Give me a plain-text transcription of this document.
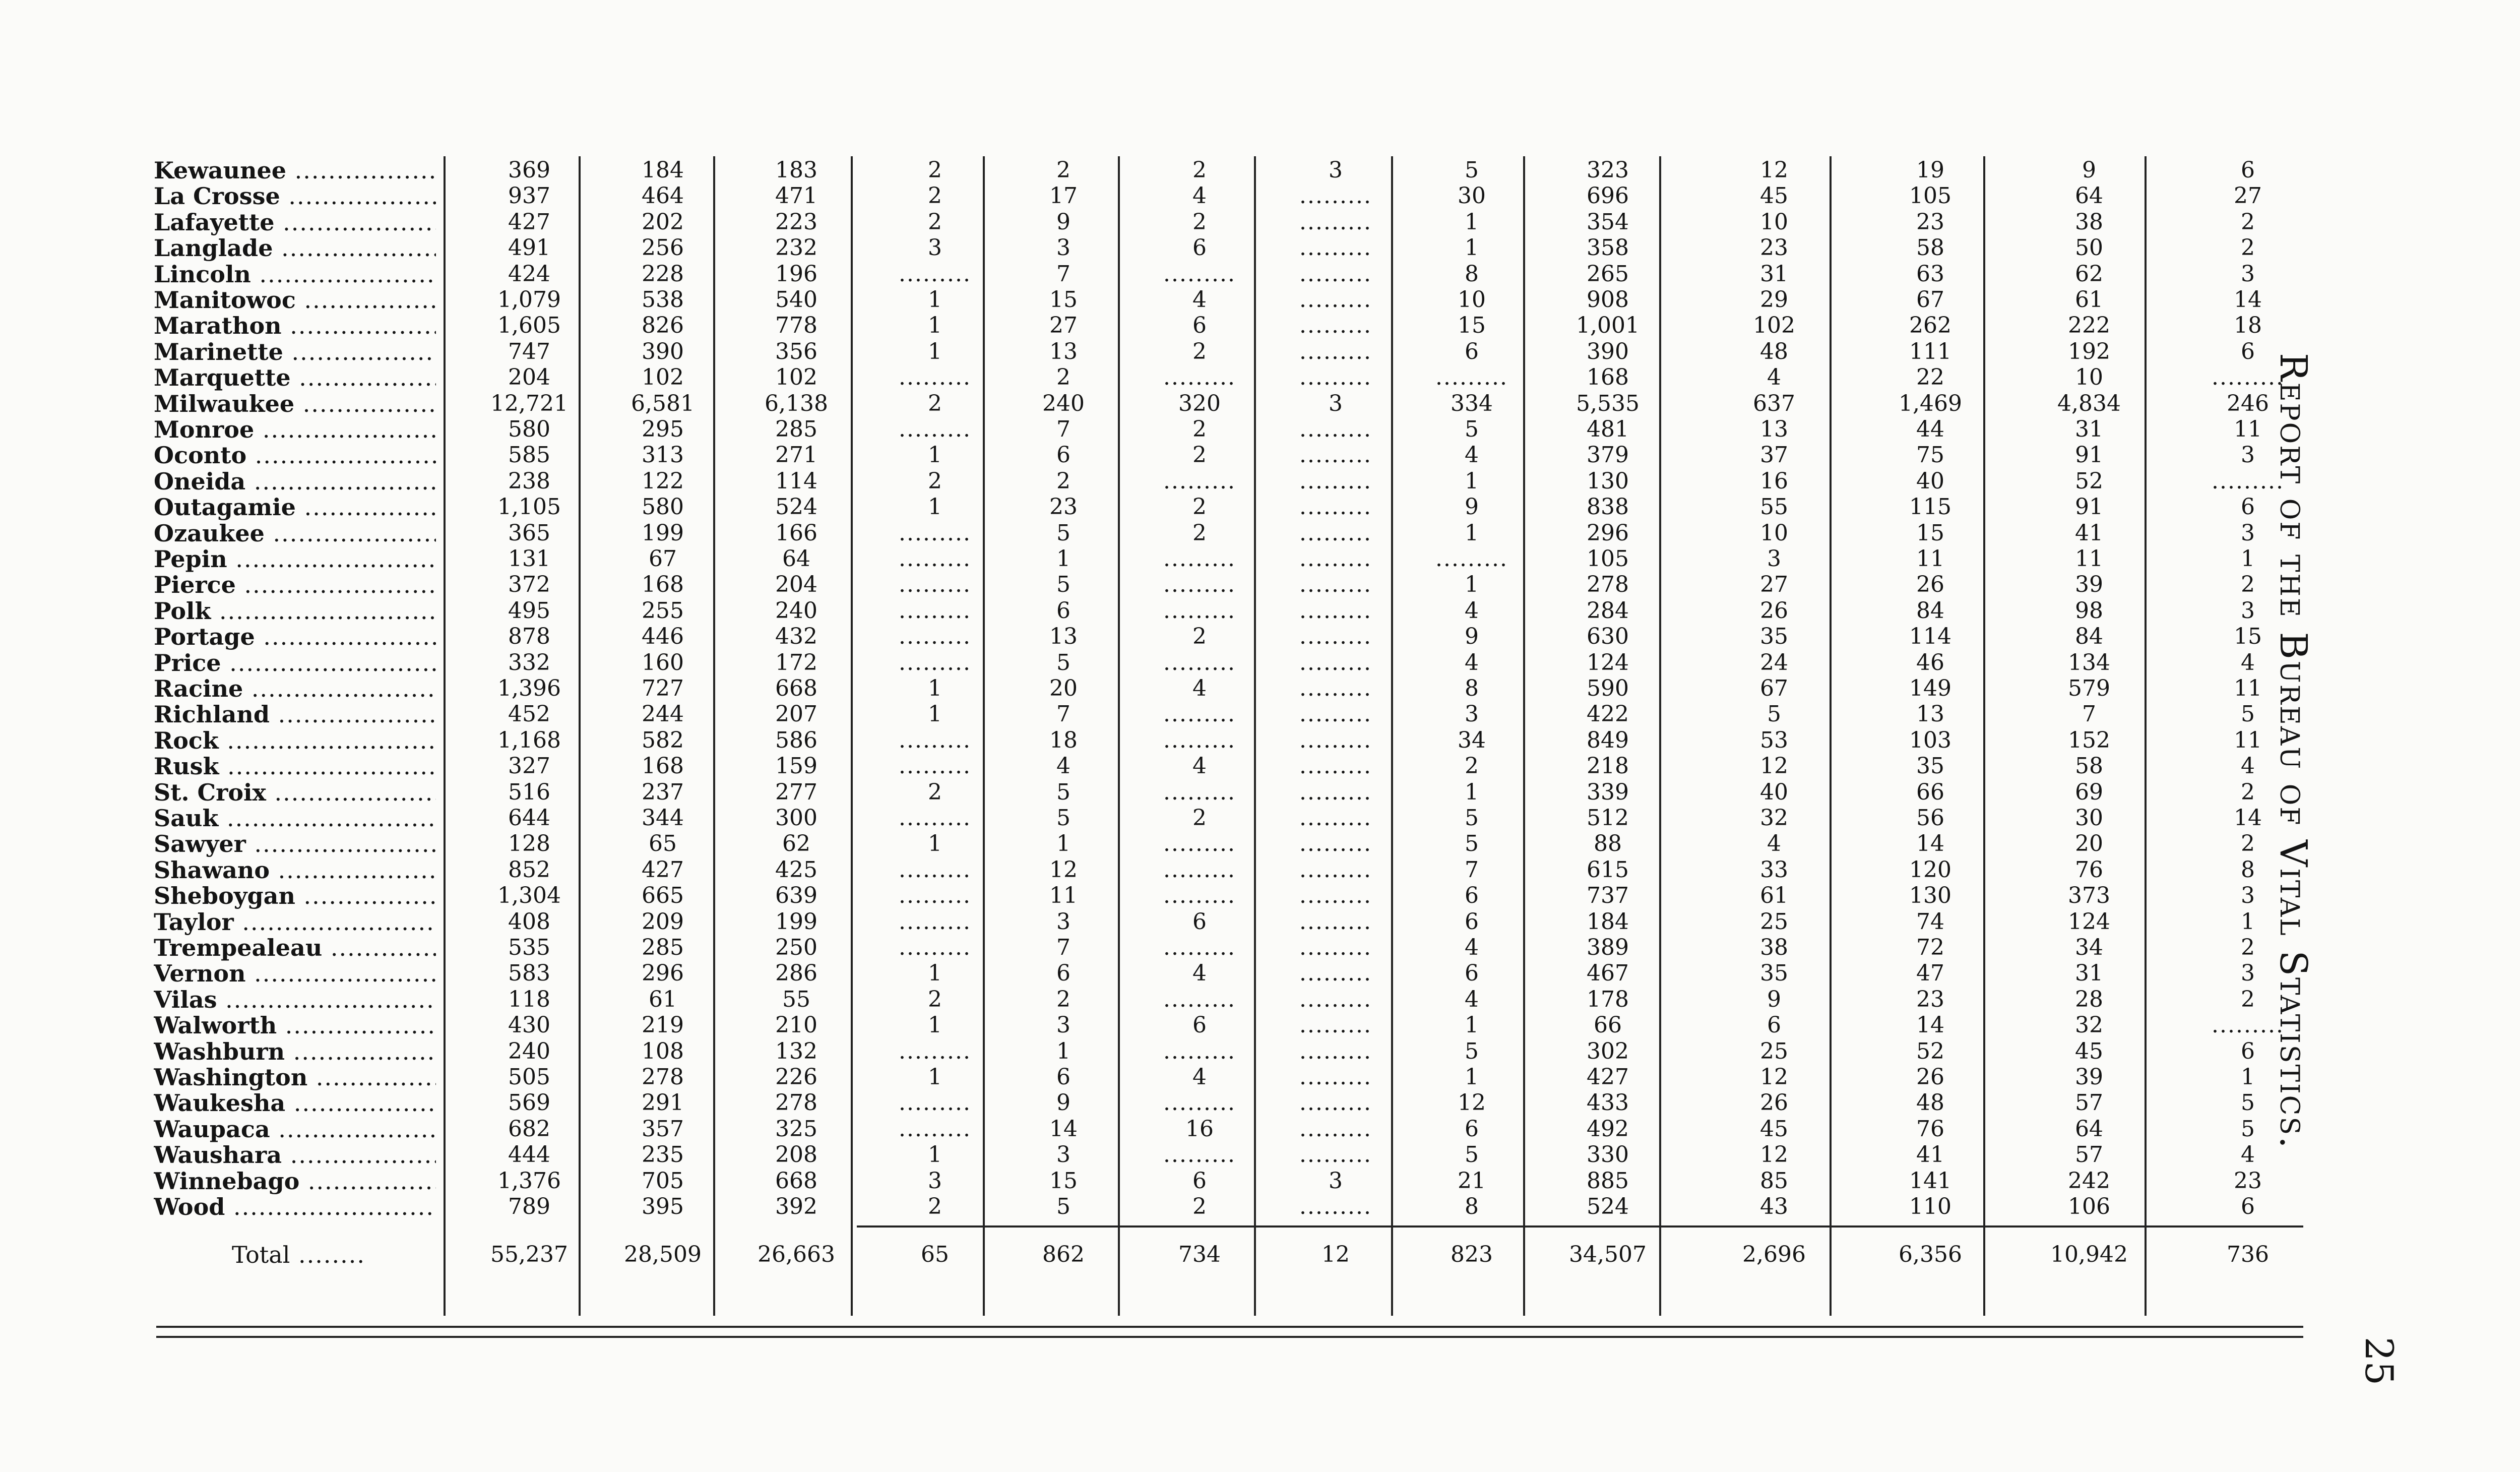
Kewaunee .....	369	184	183	2	2	2	3	5	323	12	19	9	6
La Crosse .....	937	464	471	2	17	4	.........	30	696	45	105	64	27
Lafayette .....	427	202	223	2	9	2	.........	1	354	10	23	38	2
Langlade .....	491	256	232	3	3	6	.........	1	358	23	58	50	2
Lincoln .....	424	228	196	.........	7	.........	.........	8	265	31	63	62	3
Manitowoc .....	1,079	538	540	1	15	4	.........	10	908	29	67	61	14
Marathon .....	1,605	826	778	1	27	6	.........	15	1,001	102	262	222	18
Marinette .....	747	390	356	1	13	2	.........	6	390	48	111	192	6
Marquette .....	204	102	102	.........	2	.........	.........	.........	168	4	22	10	.........
Milwaukee .....	12,721	6,581	6,138	2	240	320	3	334	5,535	637	1,469	4,834	246
Monroe .....	580	295	285	.........	7	2	.........	5	481	13	44	31	11
Oconto .....	585	313	271	1	6	2	.........	4	379	37	75	91	3
Oneida .....	238	122	114	2	2	.........	.........	1	130	16	40	52	.........
Outagamie .....	1,105	580	524	1	23	2	.........	9	838	55	115	91	6
Ozaukee .....	365	199	166	.........	5	2	.........	1	296	10	15	41	3
Pepin .....	131	67	64	.........	1	.........	.........	.........	105	3	11	11	1
Pierce .....	372	168	204	.........	5	.........	.........	1	278	27	26	39	2
Polk .....	495	255	240	.........	6	.........	.........	4	284	26	84	98	3
Portage .....	878	446	432	.........	13	2	.........	9	630	35	114	84	15
Price .....	332	160	172	.........	5	.........	.........	4	124	24	46	134	4
Racine .....	1,396	727	668	1	20	4	.........	8	590	67	149	579	11
Richland .....	452	244	207	1	7	.........	.........	3	422	5	13	7	5
Rock .....	1,168	582	586	.........	18	.........	.........	34	849	53	103	152	11
Rusk .....	327	168	159	.........	4	4	.........	2	218	12	35	58	4
St. Croix .....	516	237	277	2	5	.........	.........	1	339	40	66	69	2
Sauk .....	644	344	300	.........	5	2	.........	5	512	32	56	30	14
Sawyer .....	128	65	62	1	1	.........	.........	5	88	4	14	20	2
Shawano .....	852	427	425	.........	12	.........	.........	7	615	33	120	76	8
Sheboygan .....	1,304	665	639	.........	11	.........	.........	6	737	61	130	373	3
Taylor .....	408	209	199	.........	3	6	.........	6	184	25	74	124	1
Trempealeau .....	535	285	250	.........	7	.........	.........	4	389	38	72	34	2
Vernon .....	583	296	286	1	6	4	.........	6	467	35	47	31	3
Vilas .....	118	61	55	2	2	.........	.........	4	178	9	23	28	2
Walworth .....	430	219	210	1	3	6	.........	1	66	6	14	32	.........
Washburn .....	240	108	132	.........	1	.........	.........	5	302	25	52	45	6
Washington .....	505	278	226	1	6	4	.........	1	427	12	26	39	1
Waukesha .....	569	291	278	.........	9	.........	.........	12	433	26	48	57	5
Waupaca .....	682	357	325	.........	14	16	.........	6	492	45	76	64	5
Waushara .....	444	235	208	1	3	.........	.........	5	330	12	41	57	4
Winnebago .....	1,376	705	668	3	15	6	3	21	885	85	141	242	23
Wood .....	789	395	392	2	5	2	.........	8	524	43	110	106	6
Total .....	55,237	28,509	26,663	65	862	734	12	823	34,507	2,696	6,356	10,942	736
Report of the Bureau of Vital Statistics.
25
